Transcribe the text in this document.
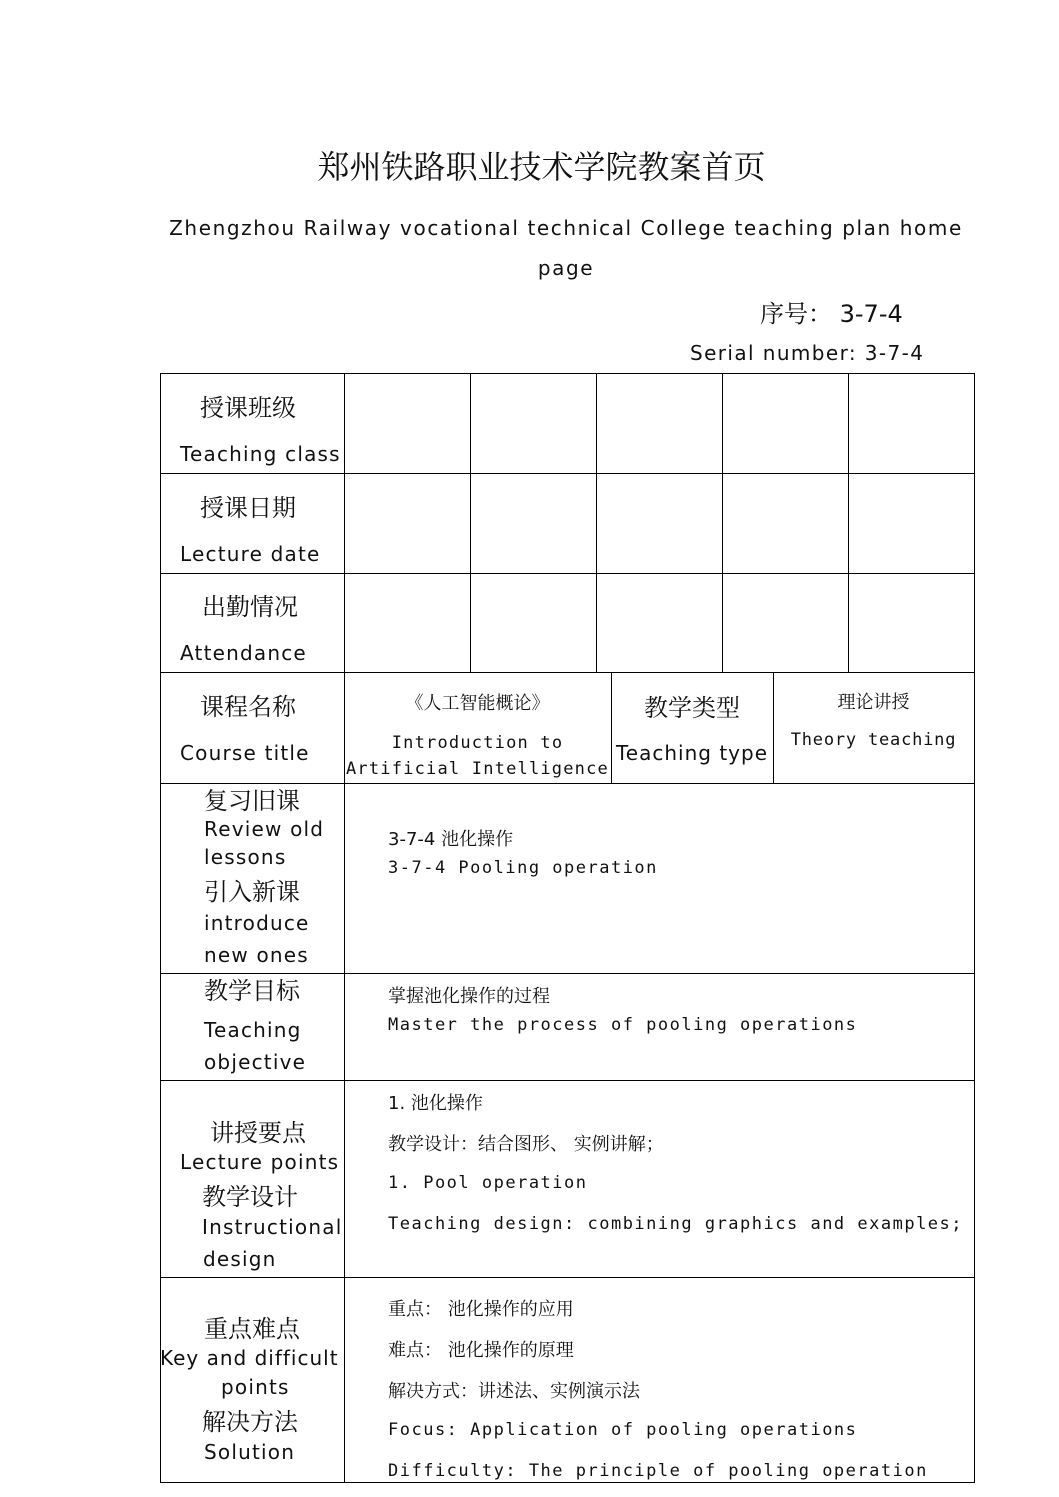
郑州铁路职业技术学院教案首页
Zhengzhou Railway vocational technical College teaching plan home
page
序号： 3-7-4
Serial number: 3-7-4
授课班级
Teaching class
授课日期
Lecture date
出勤情况
Attendance
课程名称
Course title
《人工智能概论》
Introduction to
Artificial Intelligence
教学类型
Teaching type
理论讲授
Theory teaching
复习旧课
Review old
lessons
引入新课
introduce
new ones
3-7-4 池化操作
3-7-4 Pooling operation
教学目标
Teaching
objective
掌握池化操作的过程
Master the process of pooling operations
讲授要点
Lecture points
教学设计
Instructional
design
1. 池化操作
教学设计：结合图形、 实例讲解；
1. Pool operation
Teaching design: combining graphics and examples;
重点难点
Key and difficult
points
解决方法
Solution
重点： 池化操作的应用
难点： 池化操作的原理
解决方式：讲述法、实例演示法
Focus: Application of pooling operations
Difficulty: The principle of pooling operation
